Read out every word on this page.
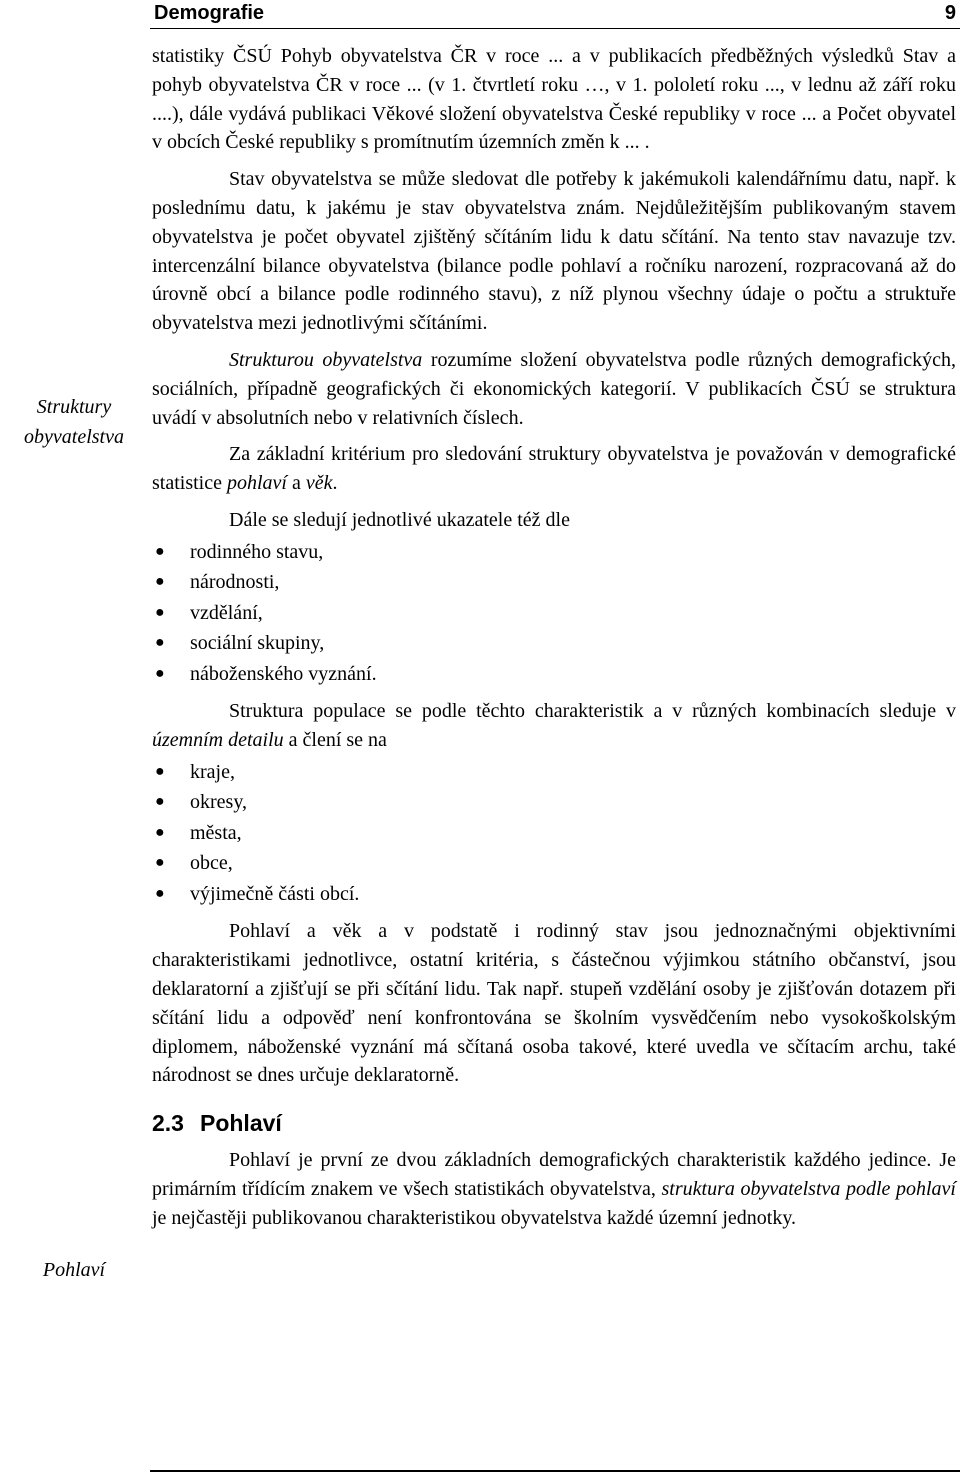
Demografie	9
Struktury obyvatelstva
Pohlaví

statistiky ČSÚ Pohyb obyvatelstva ČR v roce ... a v publikacích předběžných výsledků Stav a pohyb obyvatelstva ČR v roce ... (v 1. čtvrtletí roku …, v 1. pololetí roku ..., v lednu až září roku ....), dále vydává publikaci Věkové složení obyvatelstva České republiky v roce ... a Počet obyvatel v obcích České republiky s promítnutím územních změn k ... .

Stav obyvatelstva se může sledovat dle potřeby k jakémukoli kalendářnímu datu, např. k poslednímu datu, k jakému je stav obyvatelstva znám. Nejdůležitějším publikovaným stavem obyvatelstva je počet obyvatel zjištěný sčítáním lidu k datu sčítání. Na tento stav navazuje tzv. intercenzální bilance obyvatelstva (bilance podle pohlaví a ročníku narození, rozpracovaná až do úrovně obcí a bilance podle rodinného stavu), z níž plynou všechny údaje o počtu a struktuře obyvatelstva mezi jednotlivými sčítáními.

Strukturou obyvatelstva rozumíme složení obyvatelstva podle různých demografických, sociálních, případně geografických či ekonomických kategorií. V publikacích ČSÚ se struktura uvádí v absolutních nebo v relativních číslech.

Za základní kritérium pro sledování struktury obyvatelstva je považován v demografické statistice pohlaví a věk.

Dále se sledují jednotlivé ukazatele též dle

● rodinného stavu,
● národnosti,
● vzdělání,
● sociální skupiny,
● náboženského vyznání.

Struktura populace se podle těchto charakteristik a v různých kombinacích sleduje v územním detailu a člení se na

● kraje,
● okresy,
● města,
● obce,
● výjimečně části obcí.

Pohlaví a věk a v podstatě i rodinný stav jsou jednoznačnými objektivními charakteristikami jednotlivce, ostatní kritéria, s částečnou výjimkou státního občanství, jsou deklaratorní a zjišťují se při sčítání lidu. Tak např. stupeň vzdělání osoby je zjišťován dotazem při sčítání lidu a odpověď není konfrontována se školním vysvědčením nebo vysokoškolským diplomem, náboženské vyznání má sčítaná osoba takové, které uvedla ve sčítacím archu, také národnost se dnes určuje deklaratorně.

2.3 Pohlaví

Pohlaví je první ze dvou základních demografických charakteristik každého jedince. Je primárním třídícím znakem ve všech statistikách obyvatelstva, struktura obyvatelstva podle pohlaví je nejčastěji publikovanou charakteristikou obyvatelstva každé územní jednotky.
